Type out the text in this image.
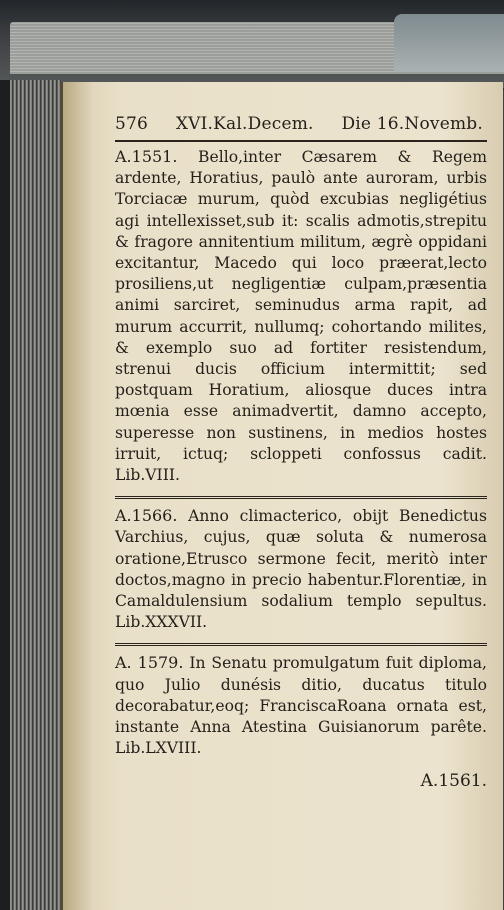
576 XVI.Kal.Decem. Die 16.Novemb.
A.1551. Bello,inter Cæsarem & Regem ardente, Horatius, paulò ante auroram, urbis Torciacæ murum, quòd excubias negligétius agi intellexisset,sub it: scalis admotis,strepitu & fragore annitentium militum, ægrè oppidani excitantur, Macedo qui loco præerat,lecto prosiliens,ut negligentiæ culpam,præsentia animi sarciret, seminudus arma rapit, ad murum accurrit, nullumq; cohortando milites, & exemplo suo ad fortiter resistendum, strenui ducis officium intermittit; sed postquam Horatium, aliosque duces intra mœnia esse animadvertit, damno accepto, superesse non sustinens, in medios hostes irruit, ictuq; scloppeti confossus cadit. Lib.VIII.
A.1566. Anno climacterico, obijt Benedictus Varchius, cujus, quæ soluta & numerosa oratione,Etrusco sermone fecit, meritò inter doctos,magno in precio habentur.Florentiæ, in Camaldulensium sodalium templo sepultus. Lib.XXXVII.
A. 1579. In Senatu promulgatum fuit diploma, quo Julio dunésis ditio, ducatus titulo decorabatur,eoq; FranciscaRoana ornata est, instante Anna Atestina Guisianorum parête. Lib.LXVIII.
A.1561.
